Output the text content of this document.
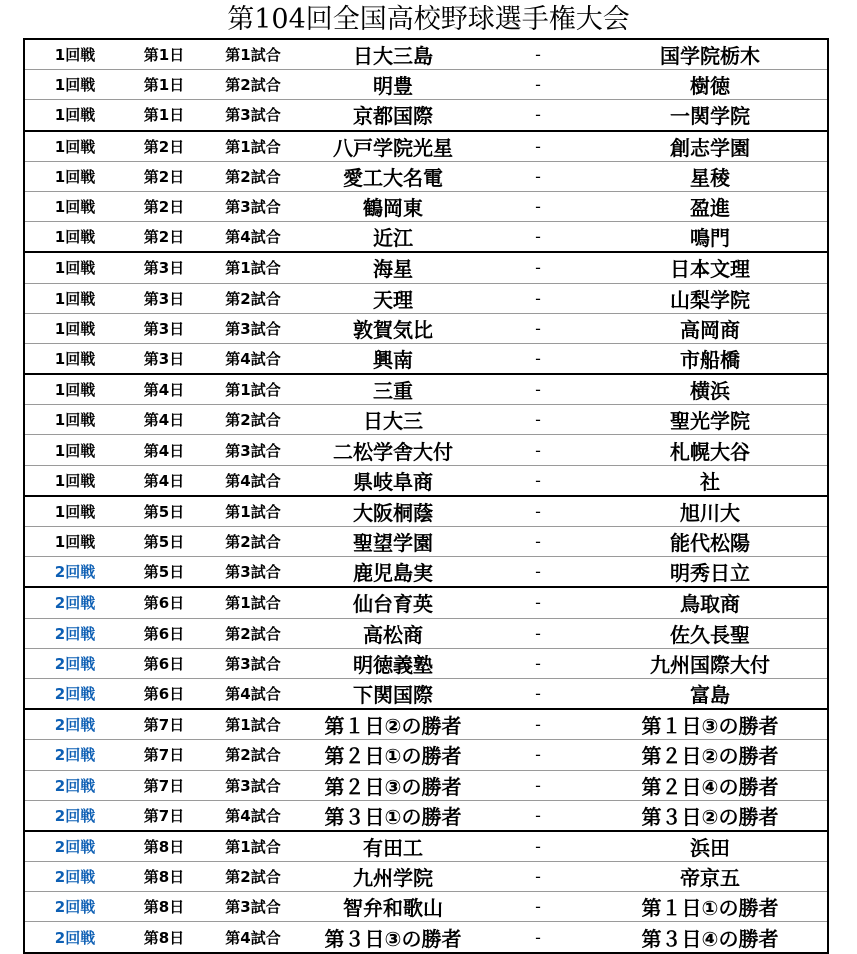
第104回全国高校野球選手権大会
1回戦	第1日	第1試合	日大三島	-	国学院栃木
1回戦	第1日	第2試合	明豊	-	樹徳
1回戦	第1日	第3試合	京都国際	-	一関学院
1回戦	第2日	第1試合	八戸学院光星	-	創志学園
1回戦	第2日	第2試合	愛工大名電	-	星稜
1回戦	第2日	第3試合	鶴岡東	-	盈進
1回戦	第2日	第4試合	近江	-	鳴門
1回戦	第3日	第1試合	海星	-	日本文理
1回戦	第3日	第2試合	天理	-	山梨学院
1回戦	第3日	第3試合	敦賀気比	-	高岡商
1回戦	第3日	第4試合	興南	-	市船橋
1回戦	第4日	第1試合	三重	-	横浜
1回戦	第4日	第2試合	日大三	-	聖光学院
1回戦	第4日	第3試合	二松学舎大付	-	札幌大谷
1回戦	第4日	第4試合	県岐阜商	-	社
1回戦	第5日	第1試合	大阪桐蔭	-	旭川大
1回戦	第5日	第2試合	聖望学園	-	能代松陽
2回戦	第5日	第3試合	鹿児島実	-	明秀日立
2回戦	第6日	第1試合	仙台育英	-	鳥取商
2回戦	第6日	第2試合	高松商	-	佐久長聖
2回戦	第6日	第3試合	明徳義塾	-	九州国際大付
2回戦	第6日	第4試合	下関国際	-	富島
2回戦	第7日	第1試合	第１日②の勝者	-	第１日③の勝者
2回戦	第7日	第2試合	第２日①の勝者	-	第２日②の勝者
2回戦	第7日	第3試合	第２日③の勝者	-	第２日④の勝者
2回戦	第7日	第4試合	第３日①の勝者	-	第３日②の勝者
2回戦	第8日	第1試合	有田工	-	浜田
2回戦	第8日	第2試合	九州学院	-	帝京五
2回戦	第8日	第3試合	智弁和歌山	-	第１日①の勝者
2回戦	第8日	第4試合	第３日③の勝者	-	第３日④の勝者
